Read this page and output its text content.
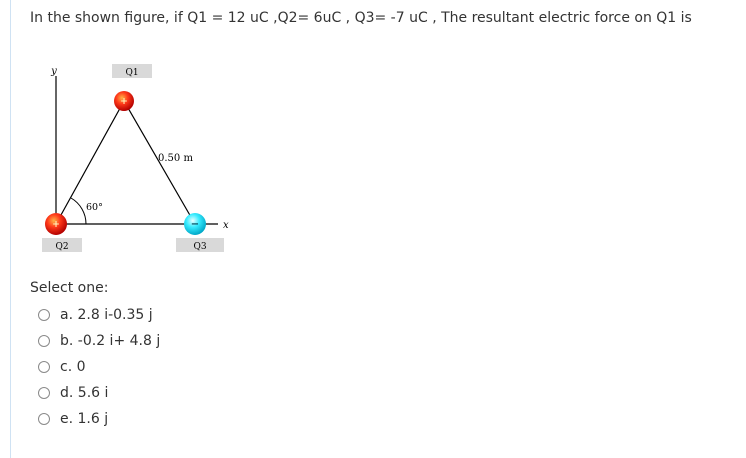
In the shown figure, if Q1 = 12 uC ,Q2= 6uC , Q3= -7 uC , The resultant electric force on Q1 is
y
x
60°
0.50 m
Q1
+
+
Q2
−
Q3
Select one:
a. 2.8 i-0.35 j
b. -0.2 i+ 4.8 j
c. 0
d. 5.6 i
e. 1.6 j
